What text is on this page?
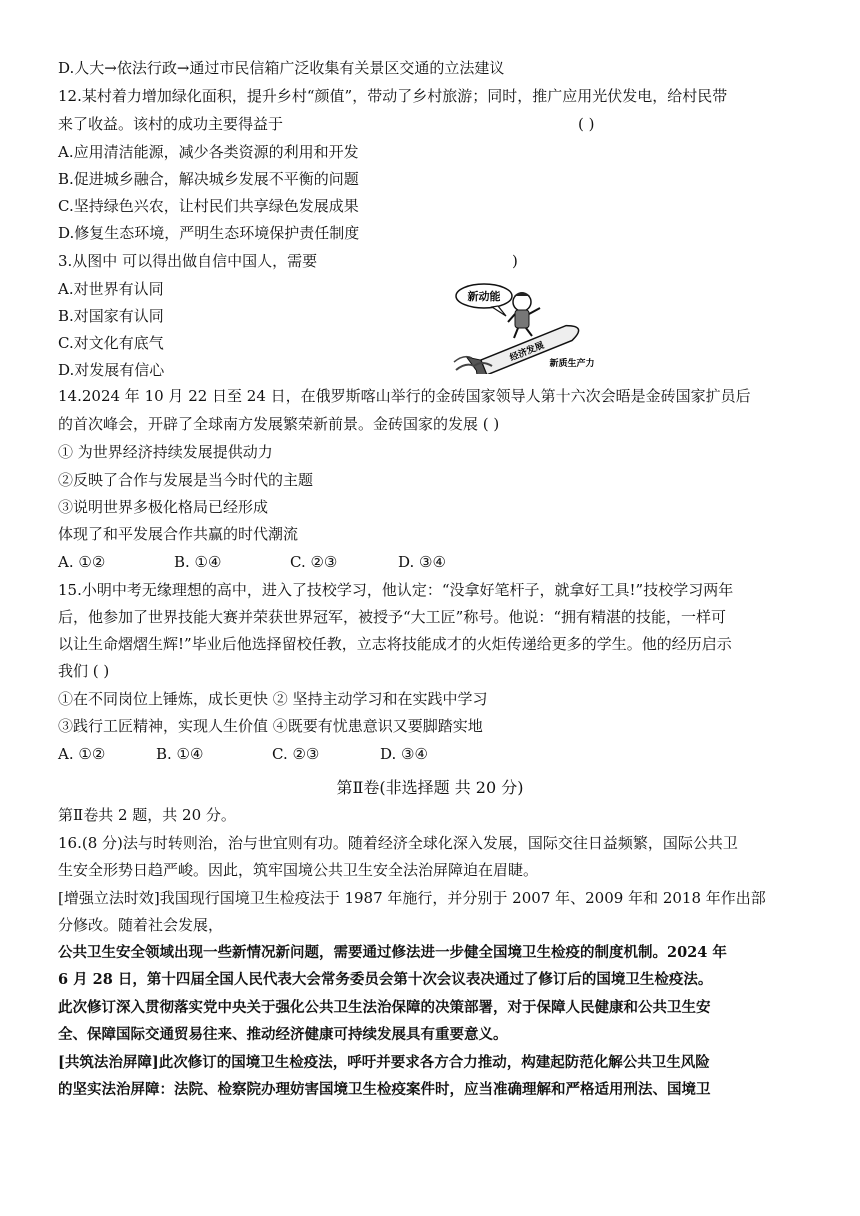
D.人大→依法行政→通过市民信箱广泛收集有关景区交通的立法建议
12.某村着力增加绿化面积，提升乡村“颜值”，带动了乡村旅游；同时，推广应用光伏发电，给村民带
来了收益。该村的成功主要得益于	( )
A.应用清洁能源，减少各类资源的利用和开发
B.促进城乡融合，解决城乡发展不平衡的问题
C.坚持绿色兴农，让村民们共享绿色发展成果
D.修复生态环境，严明生态环境保护责任制度
3.从图中 可以得出做自信中国人，需要	)
A.对世界有认同
B.对国家有认同
C.对文化有底气
D.对发展有信心
新动能
经济发展
新质生产力
14.2024 年 10 月 22 日至 24 日，在俄罗斯喀山举行的金砖国家领导人第十六次会晤是金砖国家扩员后
的首次峰会，开辟了全球南方发展繁荣新前景。金砖国家的发展 ( )
① 为世界经济持续发展提供动力
②反映了合作与发展是当今时代的主题
③说明世界多极化格局已经形成
体现了和平发展合作共赢的时代潮流
A. ①②	B. ①④	C. ②③	D. ③④
15.小明中考无缘理想的高中，进入了技校学习，他认定：“没拿好笔杆子，就拿好工具!”技校学习两年
后，他参加了世界技能大赛并荣获世界冠军，被授予“大工匠”称号。他说：“拥有精湛的技能，一样可
以让生命熠熠生辉!”毕业后他选择留校任教，立志将技能成才的火炬传递给更多的学生。他的经历启示
我们 ( )
①在不同岗位上锤炼，成长更快 ② 坚持主动学习和在实践中学习
③践行工匠精神，实现人生价值 ④既要有忧患意识又要脚踏实地
A. ①②	B. ①④	C. ②③	D. ③④
第Ⅱ卷(非选择题 共 20 分)
第Ⅱ卷共 2 题，共 20 分。
16.(8 分)法与时转则治，治与世宜则有功。随着经济全球化深入发展，国际交往日益频繁，国际公共卫
生安全形势日趋严峻。因此，筑牢国境公共卫生安全法治屏障迫在眉睫。
[增强立法时效]我国现行国境卫生检疫法于 1987 年施行，并分别于 2007 年、2009 年和 2018 年作出部
分修改。随着社会发展，
公共卫生安全领域出现一些新情况新问题，需要通过修法进一步健全国境卫生检疫的制度机制。2024 年
6 月 28 日，第十四届全国人民代表大会常务委员会第十次会议表决通过了修订后的国境卫生检疫法。
此次修订深入贯彻落实党中央关于强化公共卫生法治保障的决策部署，对于保障人民健康和公共卫生安
全、保障国际交通贸易往来、推动经济健康可持续发展具有重要意义。
[共筑法治屏障]此次修订的国境卫生检疫法，呼吁并要求各方合力推动，构建起防范化解公共卫生风险
的坚实法治屏障：法院、检察院办理妨害国境卫生检疫案件时，应当准确理解和严格适用刑法、国境卫
